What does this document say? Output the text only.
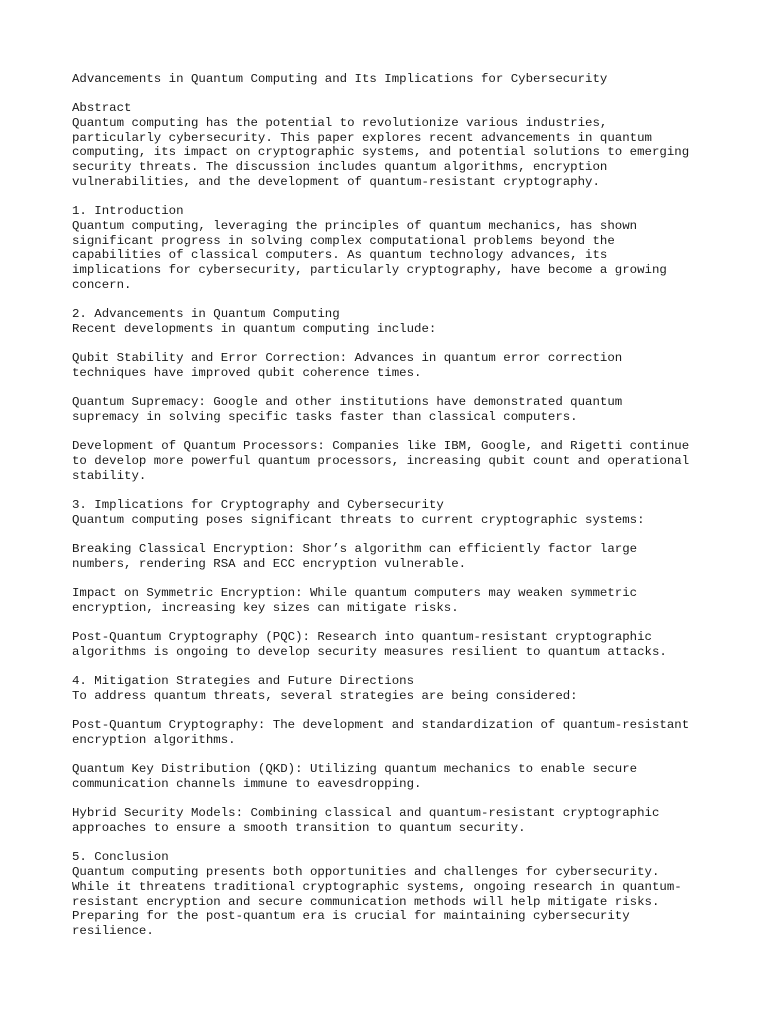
Advancements in Quantum Computing and Its Implications for Cybersecurity
Abstract
Quantum computing has the potential to revolutionize various industries,
particularly cybersecurity. This paper explores recent advancements in quantum
computing, its impact on cryptographic systems, and potential solutions to emerging
security threats. The discussion includes quantum algorithms, encryption
vulnerabilities, and the development of quantum-resistant cryptography.
1. Introduction
Quantum computing, leveraging the principles of quantum mechanics, has shown
significant progress in solving complex computational problems beyond the
capabilities of classical computers. As quantum technology advances, its
implications for cybersecurity, particularly cryptography, have become a growing
concern.
2. Advancements in Quantum Computing
Recent developments in quantum computing include:
Qubit Stability and Error Correction: Advances in quantum error correction
techniques have improved qubit coherence times.
Quantum Supremacy: Google and other institutions have demonstrated quantum
supremacy in solving specific tasks faster than classical computers.
Development of Quantum Processors: Companies like IBM, Google, and Rigetti continue
to develop more powerful quantum processors, increasing qubit count and operational
stability.
3. Implications for Cryptography and Cybersecurity
Quantum computing poses significant threats to current cryptographic systems:
Breaking Classical Encryption: Shor’s algorithm can efficiently factor large
numbers, rendering RSA and ECC encryption vulnerable.
Impact on Symmetric Encryption: While quantum computers may weaken symmetric
encryption, increasing key sizes can mitigate risks.
Post-Quantum Cryptography (PQC): Research into quantum-resistant cryptographic
algorithms is ongoing to develop security measures resilient to quantum attacks.
4. Mitigation Strategies and Future Directions
To address quantum threats, several strategies are being considered:
Post-Quantum Cryptography: The development and standardization of quantum-resistant
encryption algorithms.
Quantum Key Distribution (QKD): Utilizing quantum mechanics to enable secure
communication channels immune to eavesdropping.
Hybrid Security Models: Combining classical and quantum-resistant cryptographic
approaches to ensure a smooth transition to quantum security.
5. Conclusion
Quantum computing presents both opportunities and challenges for cybersecurity.
While it threatens traditional cryptographic systems, ongoing research in quantum-
resistant encryption and secure communication methods will help mitigate risks.
Preparing for the post-quantum era is crucial for maintaining cybersecurity
resilience.
